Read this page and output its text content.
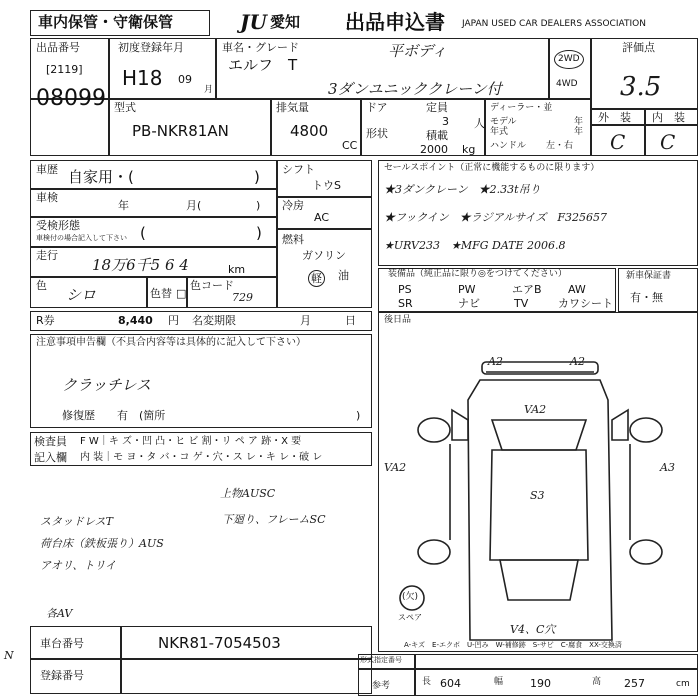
車内保管・守衛保管	JU 愛知 出品申込書 JAPAN USED CAR DEALERS ASSOCIATION
出品番号
[2119]
08099
初度登録年月
H18 09
月
車名・グレード
エルフ　T
平ボディ
3ダンユニッククレーン付
2WD
4WD
評価点
3.5
外　装 内　装
C C
型式
PB-NKR81AN
排気量
4800
CC
ドア	定員
3 人
形状	積載
2000 kg
ディーラー・並
モデル
年式
年
年
ハンドル 左・右
車歴 自家用・(	)
車検
年	月(	)
受検形態
車検付の場合記入して下さい (	)
走行
18万6千5 6 4	km
色
シロ	色替 □
色コード
729
シフト
トウS
冷房
AC
燃料
ガソリン
軽 油
セールスポイント（正常に機能するものに限ります）
★3ダンクレーン　★2.33t吊り
★フックイン　★ラジアルサイズ　F325657
★URV233　★MFG DATE 2006.8
装備品（純正品に限り◎をつけてください）
PS	PW	エアB AW
SR	ナビ	TV	カワシート
新車保証書
有・無
R券	8,440 円 名変期限	月日
注意事項申告欄（不具合内容等は具体的に記入して下さい）
クラッチレス
修復歴　　有　(箇所	)
検査員
記入欄
F W｜キ ズ・凹 凸・ヒ ビ 割・リ ペ ア 跡・X 要
内 装｜モ ヨ・タ バ・コ ゲ・穴・ス レ・キ レ・破 レ
上物AUSC
下廻り、フレームSC
スタッドレスT
荷台床（鉄板張り）AUS
アオリ、トリイ
各AV
後日品
A2	A2
VA2
VA2	A3
S3
V4、C穴
(欠)
スペア
A-キズ　E-エクボ　U-凹み　W-補修跡　S-サビ　C-腐食　XX-交換済
車台番号	NKR81-7054503
登録番号
形式指定番号
参考	長 604	幅 190	高 257	cm
N
